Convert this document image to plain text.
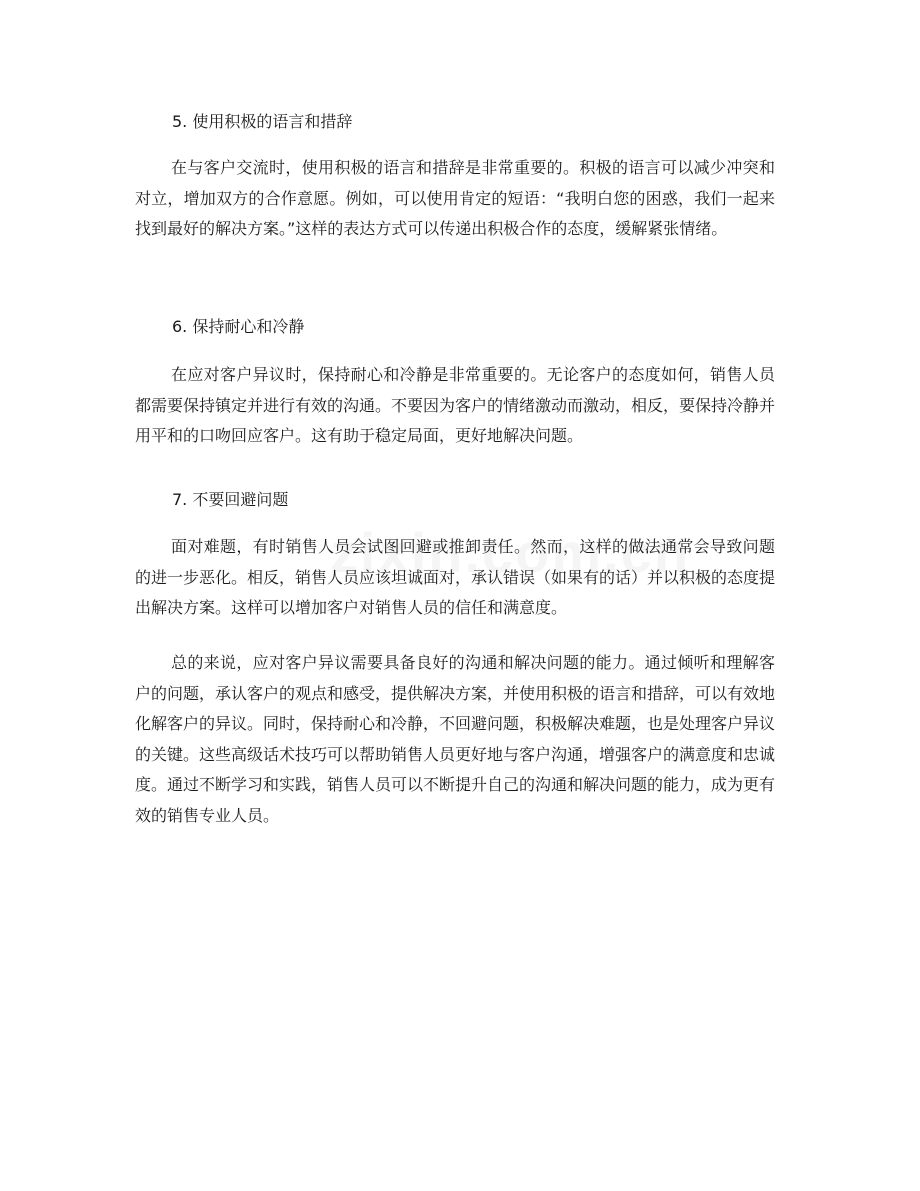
5. 使用积极的语言和措辞

在与客户交流时，使用积极的语言和措辞是非常重要的。积极的语言可以减少冲突和对立，增加双方的合作意愿。例如，可以使用肯定的短语：“我明白您的困惑，我们一起来找到最好的解决方案。”这样的表达方式可以传递出积极合作的态度，缓解紧张情绪。

6. 保持耐心和冷静

在应对客户异议时，保持耐心和冷静是非常重要的。无论客户的态度如何，销售人员都需要保持镇定并进行有效的沟通。不要因为客户的情绪激动而激动，相反，要保持冷静并用平和的口吻回应客户。这有助于稳定局面，更好地解决问题。

7. 不要回避问题

面对难题，有时销售人员会试图回避或推卸责任。然而，这样的做法通常会导致问题的进一步恶化。相反，销售人员应该坦诚面对，承认错误（如果有的话）并以积极的态度提出解决方案。这样可以增加客户对销售人员的信任和满意度。

总的来说，应对客户异议需要具备良好的沟通和解决问题的能力。通过倾听和理解客户的问题，承认客户的观点和感受，提供解决方案，并使用积极的语言和措辞，可以有效地化解客户的异议。同时，保持耐心和冷静，不回避问题，积极解决难题，也是处理客户异议的关键。这些高级话术技巧可以帮助销售人员更好地与客户沟通，增强客户的满意度和忠诚度。通过不断学习和实践，销售人员可以不断提升自己的沟通和解决问题的能力，成为更有效的销售专业人员。
